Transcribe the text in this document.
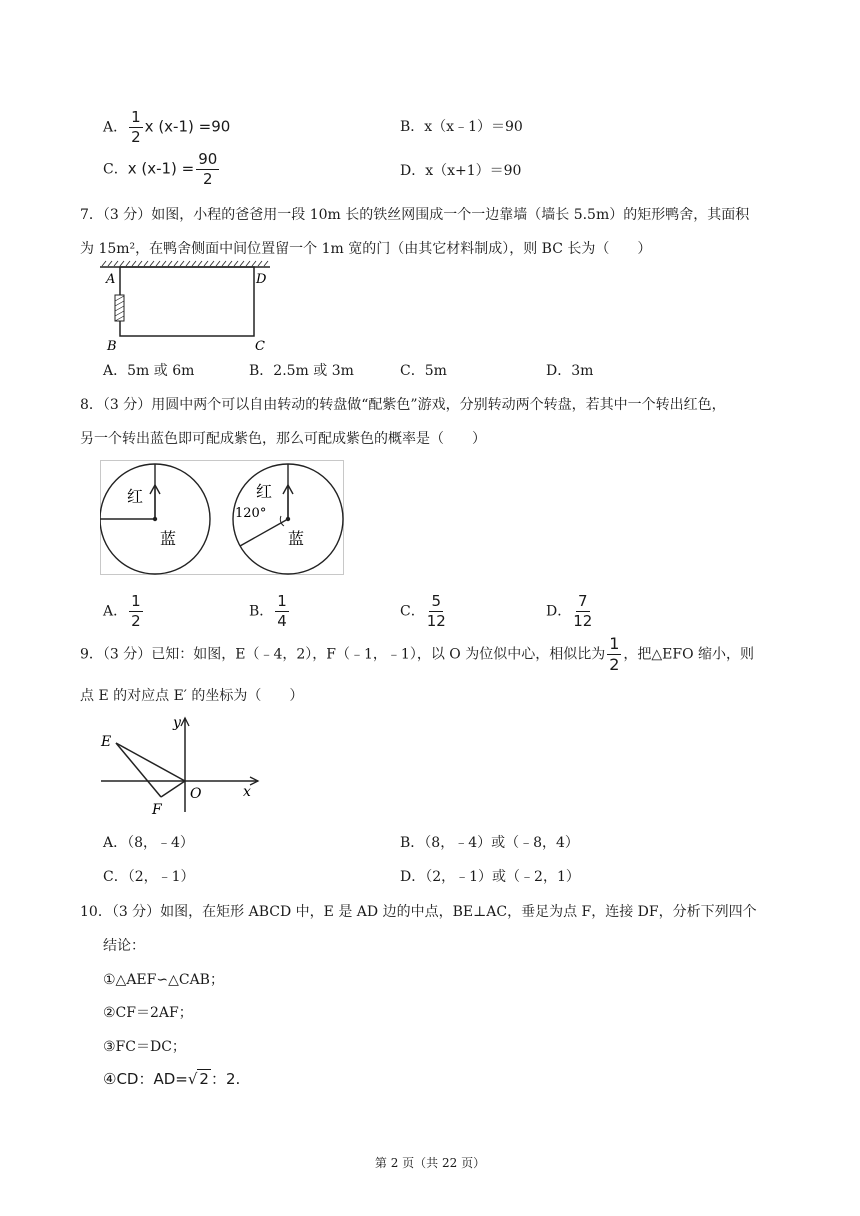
A． $\frac{1}{2}$ x (x-1) =90	B．x（x﹣1）＝90
C．x $(x-1) = \frac{90}{2}$	D．x（x+1）＝90
7．（3 分）如图，小程的爸爸用一段 10m 长的铁丝网围成一个一边靠墙（墙长 5.5m）的矩形鸭舍，其面积
为 15m²，在鸭舍侧面中间位置留一个 1m 宽的门（由其它材料制成），则 BC 长为（　　）
A	D
B	C
A．5m 或 6m	B．2.5m 或 3m	C．5m	D．3m
8．（3 分）用圆中两个可以自由转动的转盘做“配紫色”游戏，分别转动两个转盘，若其中一个转出红色，
另一个转出蓝色即可配成紫色，那么可配成紫色的概率是（　　）
红
蓝
红
120°
蓝
A． $\frac{1}{2}$	B． $\frac{1}{4}$	C． $\frac{5}{12}$	D． $\frac{7}{12}$
9．（3 分）已知：如图，E（﹣4，2），F（﹣1，﹣1），以 O 为位似中心，相似比为 $\frac{1}{2}$ ，把△EFO 缩小，则
点 E 的对应点 E′ 的坐标为（　　）
E
F
O	x
y
A．（8，﹣4）	B．（8，﹣4）或（﹣8，4）
C．（2，﹣1）	D．（2，﹣1）或（﹣2，1）
10．（3 分）如图，在矩形 ABCD 中，E 是 AD 边的中点，BE⊥AC，垂足为点 F，连接 DF，分析下列四个
结论：
①△AEF∽△CAB；
②CF＝2AF；
③FC＝DC；
④CD：AD=√ 2 ：2.
第 2 页（共 22 页）
